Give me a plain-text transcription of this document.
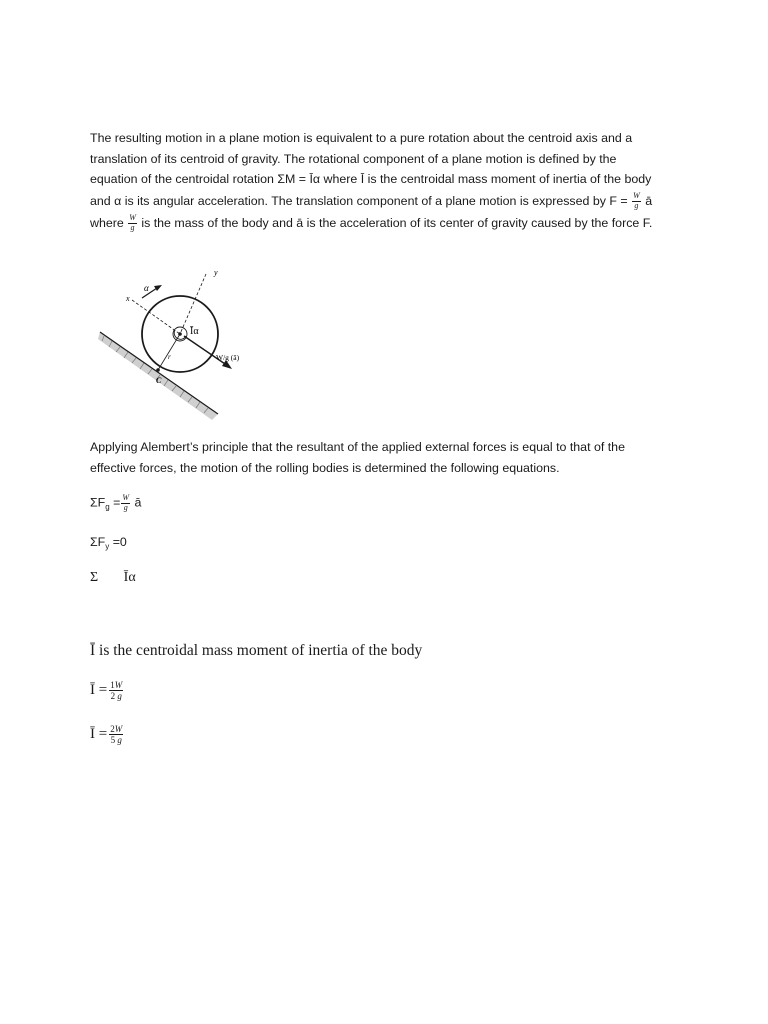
The resulting motion in a plane motion is equivalent to a pure rotation about the centroid axis and a
translation of its centroid of gravity. The rotational component of a plane motion is defined by the
equation of the centroidal rotation ΣM = Ῑα where Ῑ is the centroidal mass moment of inertia of the body
and α is its angular acceleration. The translation component of a plane motion is expressed by $F = \frac{W}{g}$ ā
where $\frac{W}{g}$ is the mass of the body and ā is the acceleration of its center of gravity caused by the force F.
α
x
y
Ῑα
r
C
W/g (ā)
Applying Alembert’s principle that the resultant of the applied external forces is equal to that of the
effective forces, the motion of the rolling bodies is determined the following equations.
$\Sigma F_g = \frac{W}{g}$ ā
$\Sigma F_y =0$
Σ Ῑα
Ῑ is the centroidal mass moment of inertia of the body
Ῑ = $\frac{1W}{2 g}$
Ῑ = $\frac{2W}{5 g}$
